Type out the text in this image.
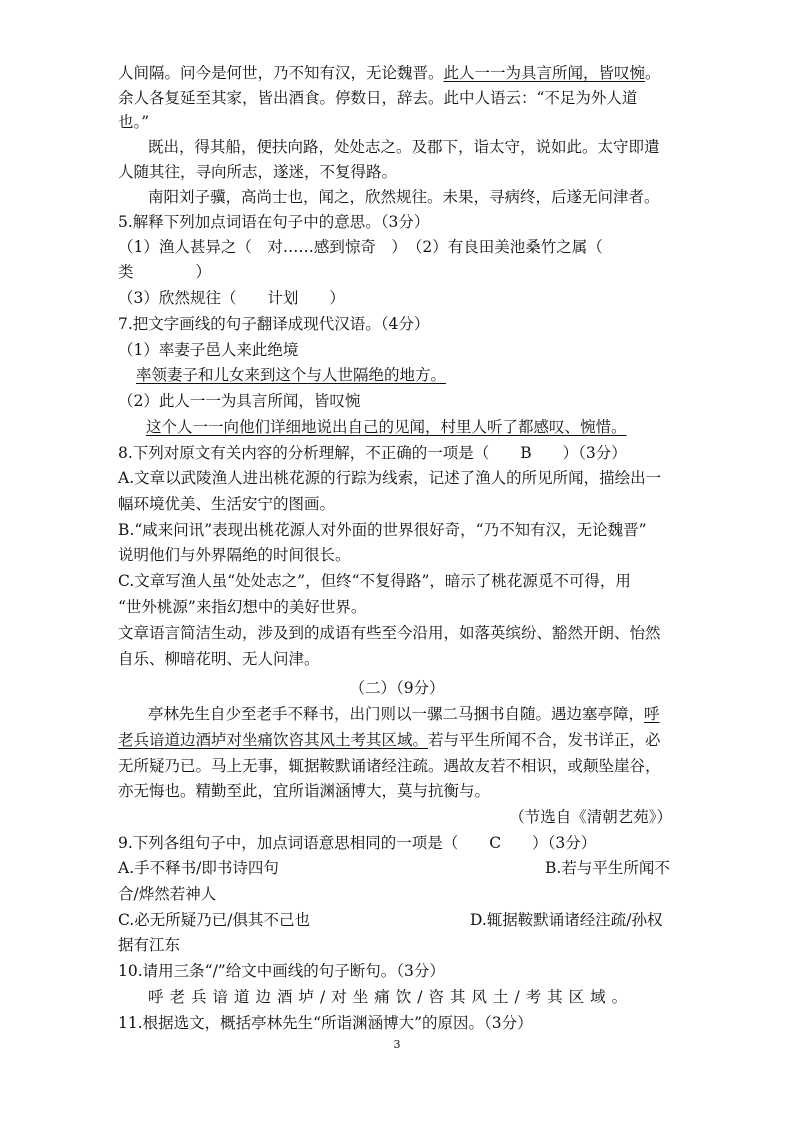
人间隔。问今是何世，乃不知有汉，无论魏晋。此人一一为具言所闻，皆叹惋。
余人各复延至其家，皆出酒食。停数日，辞去。此中人语云：“不足为外人道
也。”
既出，得其船，便扶向路，处处志之。及郡下，诣太守，说如此。太守即遣
人随其往，寻向所志，遂迷，不复得路。
南阳刘子骥，高尚士也，闻之，欣然规往。未果，寻病终，后遂无问津者。
5.解释下列加点词语在句子中的意思。（3分）
（1）渔人甚异之（　对……感到惊奇　）　（2）有良田美池桑竹之属（
类　　　　）
（3）欣然规往（　　计划　　）
7.把文字画线的句子翻译成现代汉语。（4分）
（1）率妻子邑人来此绝境
率领妻子和儿女来到这个与人世隔绝的地方。
（2）此人一一为具言所闻，皆叹惋
这个人一一向他们详细地说出自己的见闻，村里人听了都感叹、惋惜。
8.下列对原文有关内容的分析理解，不正确的一项是（　　B　　）（3分）
A.文章以武陵渔人进出桃花源的行踪为线索，记述了渔人的所见所闻，描绘出一
幅环境优美、生活安宁的图画。
B.“咸来问讯”表现出桃花源人对外面的世界很好奇，“乃不知有汉，无论魏晋”
说明他们与外界隔绝的时间很长。
C.文章写渔人虽“处处志之”，但终“不复得路”，暗示了桃花源觅不可得，用
“世外桃源”来指幻想中的美好世界。
文章语言简洁生动，涉及到的成语有些至今沿用，如落英缤纷、豁然开朗、怡然
自乐、柳暗花明、无人问津。
（二）（9分）
亭林先生自少至老手不释书，出门则以一骡二马捆书自随。遇边塞亭障，呼
老兵谙道边酒垆对坐痛饮咨其风土考其区域。若与平生所闻不合，发书详正，必
无所疑乃已。马上无事，辄据鞍默诵诸经注疏。遇故友若不相识，或颠坠崖谷，
亦无悔也。精勤至此，宜所诣渊涵博大，莫与抗衡与。
（节选自《清朝艺苑》）
9.下列各组句子中，加点词语意思相同的一项是（　　C　　）（3分）
A.手不释书/即书诗四句	B.若与平生所闻不
合/烨然若神人
C.必无所疑乃已/俱其不己也	D.辄据鞍默诵诸经注疏/孙权
据有江东
10.请用三条“/”给文中画线的句子断句。（3分）
呼老兵谙道边酒垆/对坐痛饮/咨其风土/考其区域。
11.根据选文，概括亭林先生“所诣渊涵博大”的原因。（3分）
3
